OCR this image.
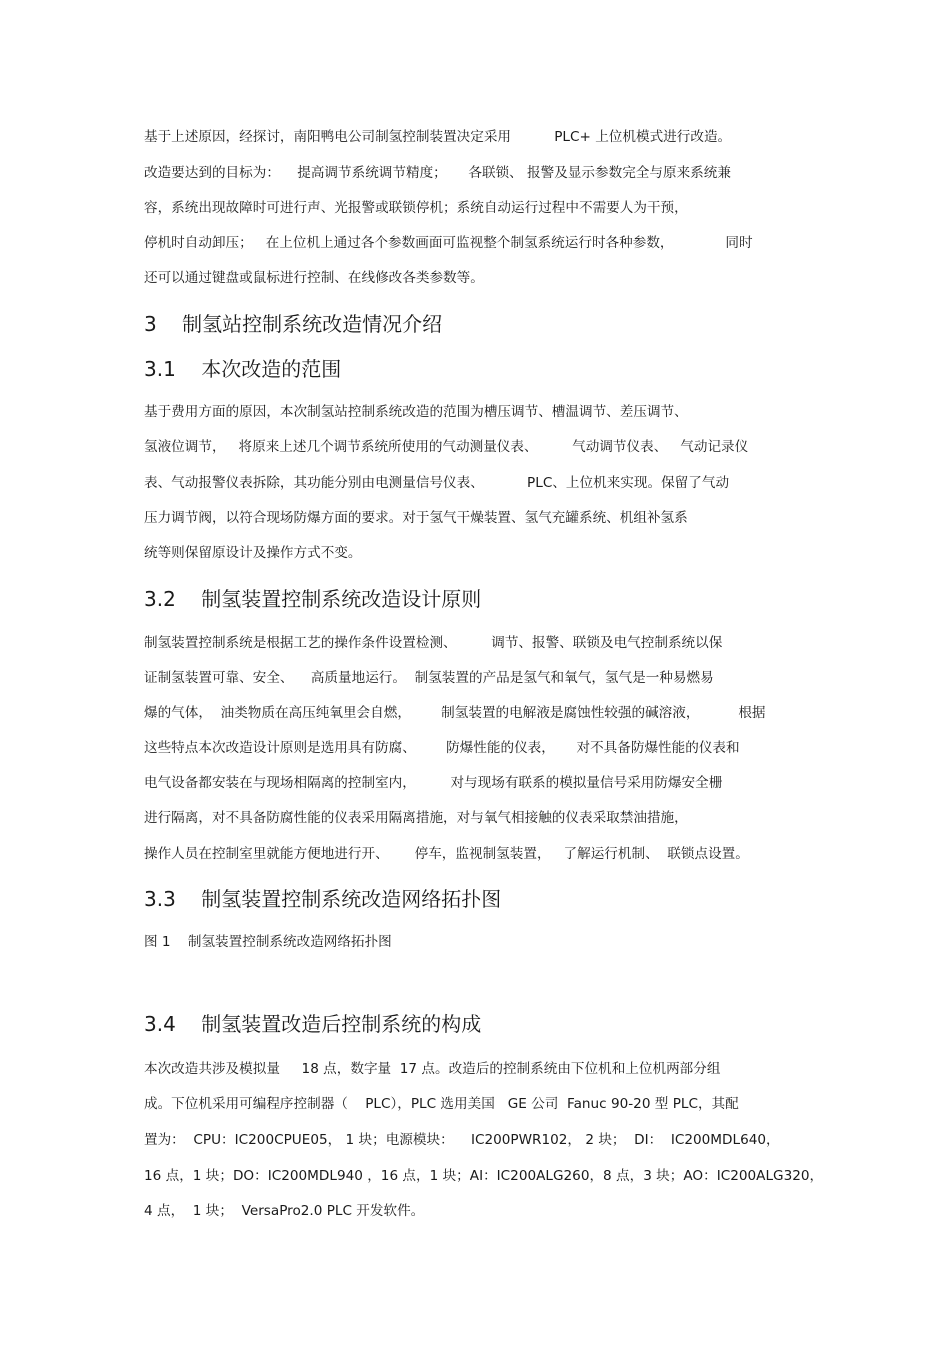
基于上述原因，经探讨，南阳鸭电公司制氢控制装置决定采用          PLC+ 上位机模式进行改造。
改造要达到的目标为：    提高调节系统调节精度；     各联锁、 报警及显示参数完全与原来系统兼
容，系统出现故障时可进行声、光报警或联锁停机；系统自动运行过程中不需要人为干预，
停机时自动卸压；   在上位机上通过各个参数画面可监视整个制氢系统运行时各种参数，            同时
还可以通过键盘或鼠标进行控制、在线修改各类参数等。
3    制氢站控制系统改造情况介绍
3.1    本次改造的范围
基于费用方面的原因，本次制氢站控制系统改造的范围为槽压调节、槽温调节、差压调节、
氢液位调节，   将原来上述几个调节系统所使用的气动测量仪表、        气动调节仪表、   气动记录仪
表、气动报警仪表拆除，其功能分别由电测量信号仪表、          PLC、上位机来实现。保留了气动
压力调节阀，以符合现场防爆方面的要求。对于氢气干燥装置、氢气充罐系统、机组补氢系
统等则保留原设计及操作方式不变。
3.2    制氢装置控制系统改造设计原则
制氢装置控制系统是根据工艺的操作条件设置检测、        调节、报警、联锁及电气控制系统以保
证制氢装置可靠、安全、    高质量地运行。  制氢装置的产品是氢气和氧气，氢气是一种易燃易
爆的气体，  油类物质在高压纯氧里会自燃，       制氢装置的电解液是腐蚀性较强的碱溶液，         根据
这些特点本次改造设计原则是选用具有防腐、       防爆性能的仪表，     对不具备防爆性能的仪表和
电气设备都安装在与现场相隔离的控制室内，        对与现场有联系的模拟量信号采用防爆安全栅
进行隔离，对不具备防腐性能的仪表采用隔离措施，对与氧气相接触的仪表采取禁油措施，
操作人员在控制室里就能方便地进行开、      停车，监视制氢装置，   了解运行机制、  联锁点设置。
3.3    制氢装置控制系统改造网络拓扑图
图 1    制氢装置控制系统改造网络拓扑图
3.4    制氢装置改造后控制系统的构成
本次改造共涉及模拟量     18 点，数字量  17 点。改造后的控制系统由下位机和上位机两部分组
成。下位机采用可编程序控制器（    PLC），PLC 选用美国   GE 公司  Fanuc 90-20 型 PLC，其配
置为：  CPU：IC200CPUE05， 1 块；电源模块：    IC200PWR102， 2 块；  DI：  IC200MDL640，
16 点，1 块；DO：IC200MDL940 ，16 点，1 块；AI：IC200ALG260，8 点，3 块；AO：IC200ALG320，
4 点，  1 块；  VersaPro2.0 PLC 开发软件。
